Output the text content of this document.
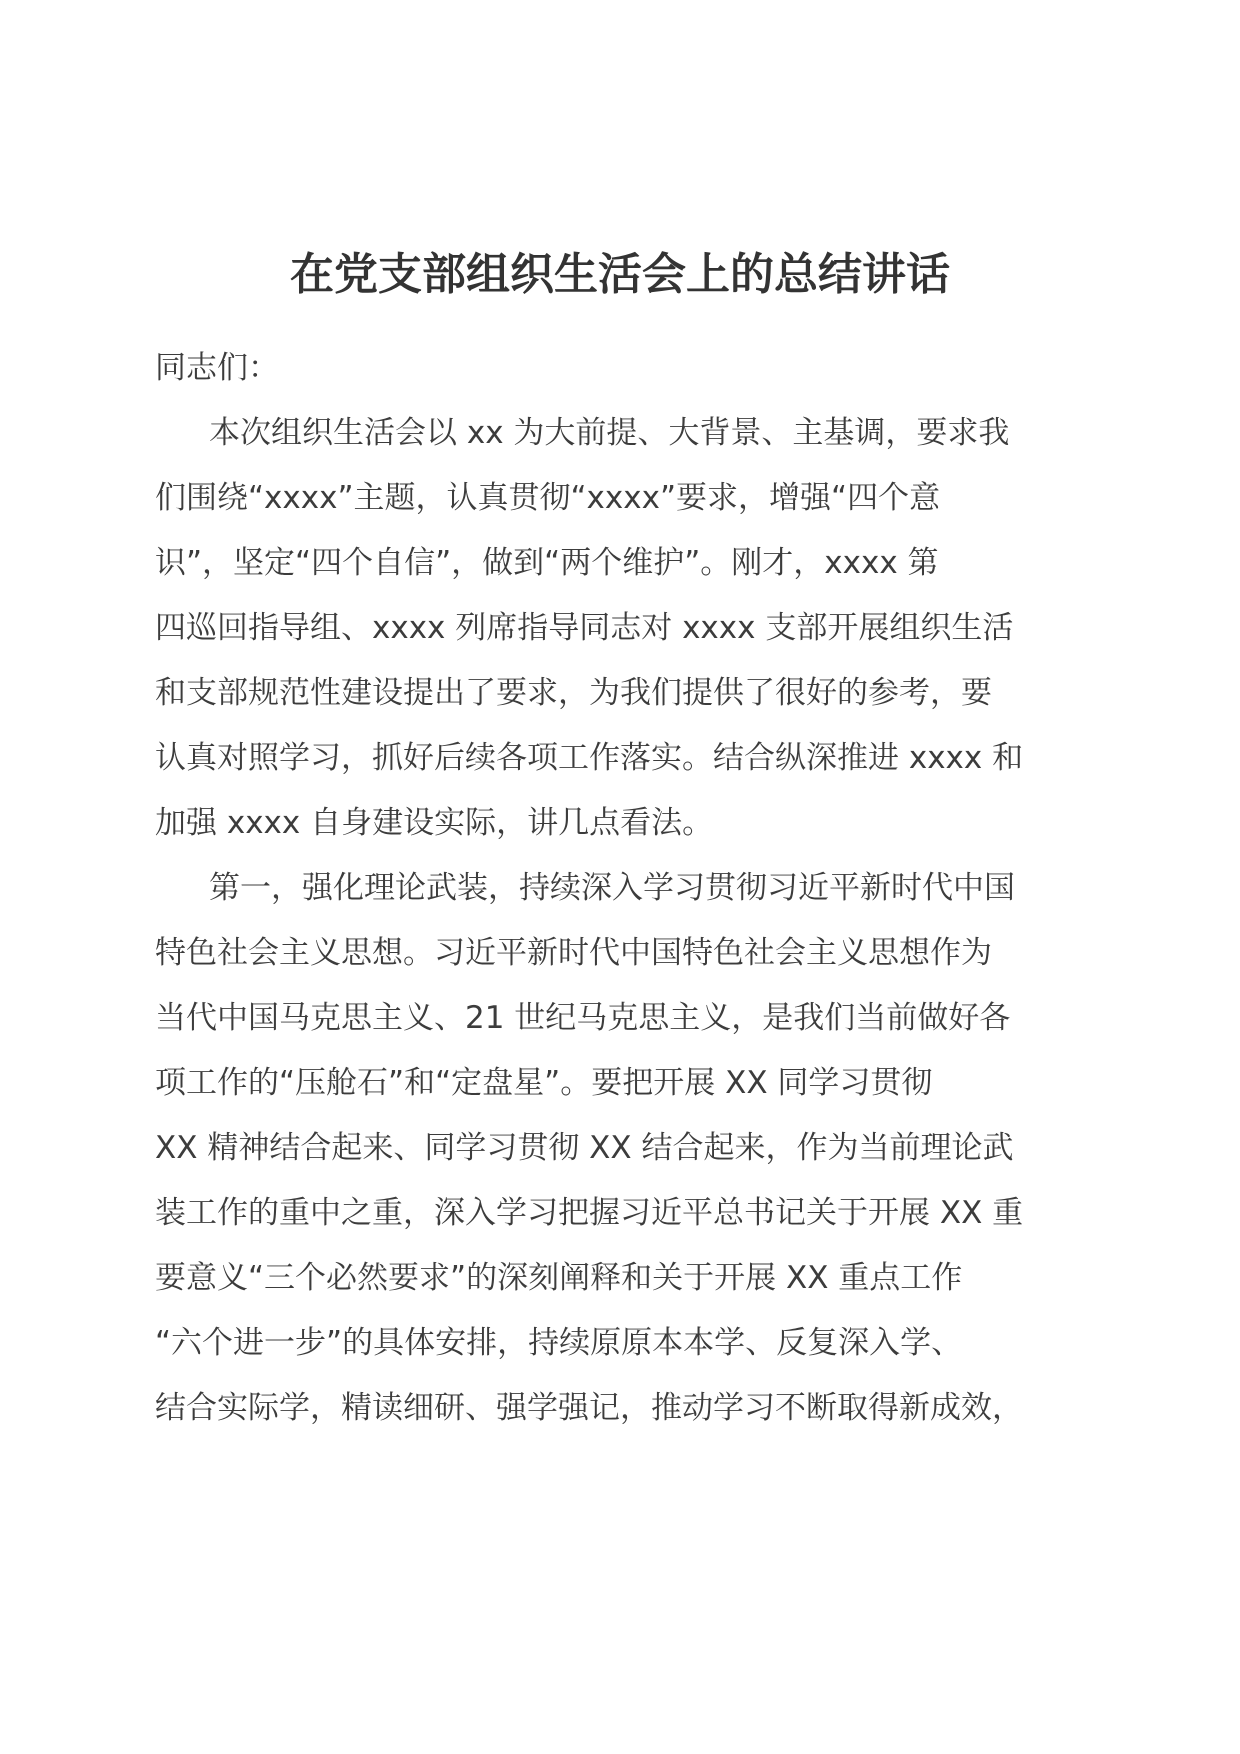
在党支部组织生活会上的总结讲话
同志们：
本次组织生活会以 xx 为大前提、大背景、主基调，要求我
们围绕“xxxx”主题，认真贯彻“xxxx”要求，增强“四个意
识”，坚定“四个自信”，做到“两个维护”。刚才，xxxx 第
四巡回指导组、xxxx 列席指导同志对 xxxx 支部开展组织生活
和支部规范性建设提出了要求，为我们提供了很好的参考，要
认真对照学习，抓好后续各项工作落实。结合纵深推进 xxxx 和
加强 xxxx 自身建设实际，讲几点看法。
第一，强化理论武装，持续深入学习贯彻习近平新时代中国
特色社会主义思想。习近平新时代中国特色社会主义思想作为
当代中国马克思主义、21 世纪马克思主义，是我们当前做好各
项工作的“压舱石”和“定盘星”。要把开展 XX 同学习贯彻
XX 精神结合起来、同学习贯彻 XX 结合起来，作为当前理论武
装工作的重中之重，深入学习把握习近平总书记关于开展 XX 重
要意义“三个必然要求”的深刻阐释和关于开展 XX 重点工作
“六个进一步”的具体安排，持续原原本本学、反复深入学、
结合实际学，精读细研、强学强记，推动学习不断取得新成效，
